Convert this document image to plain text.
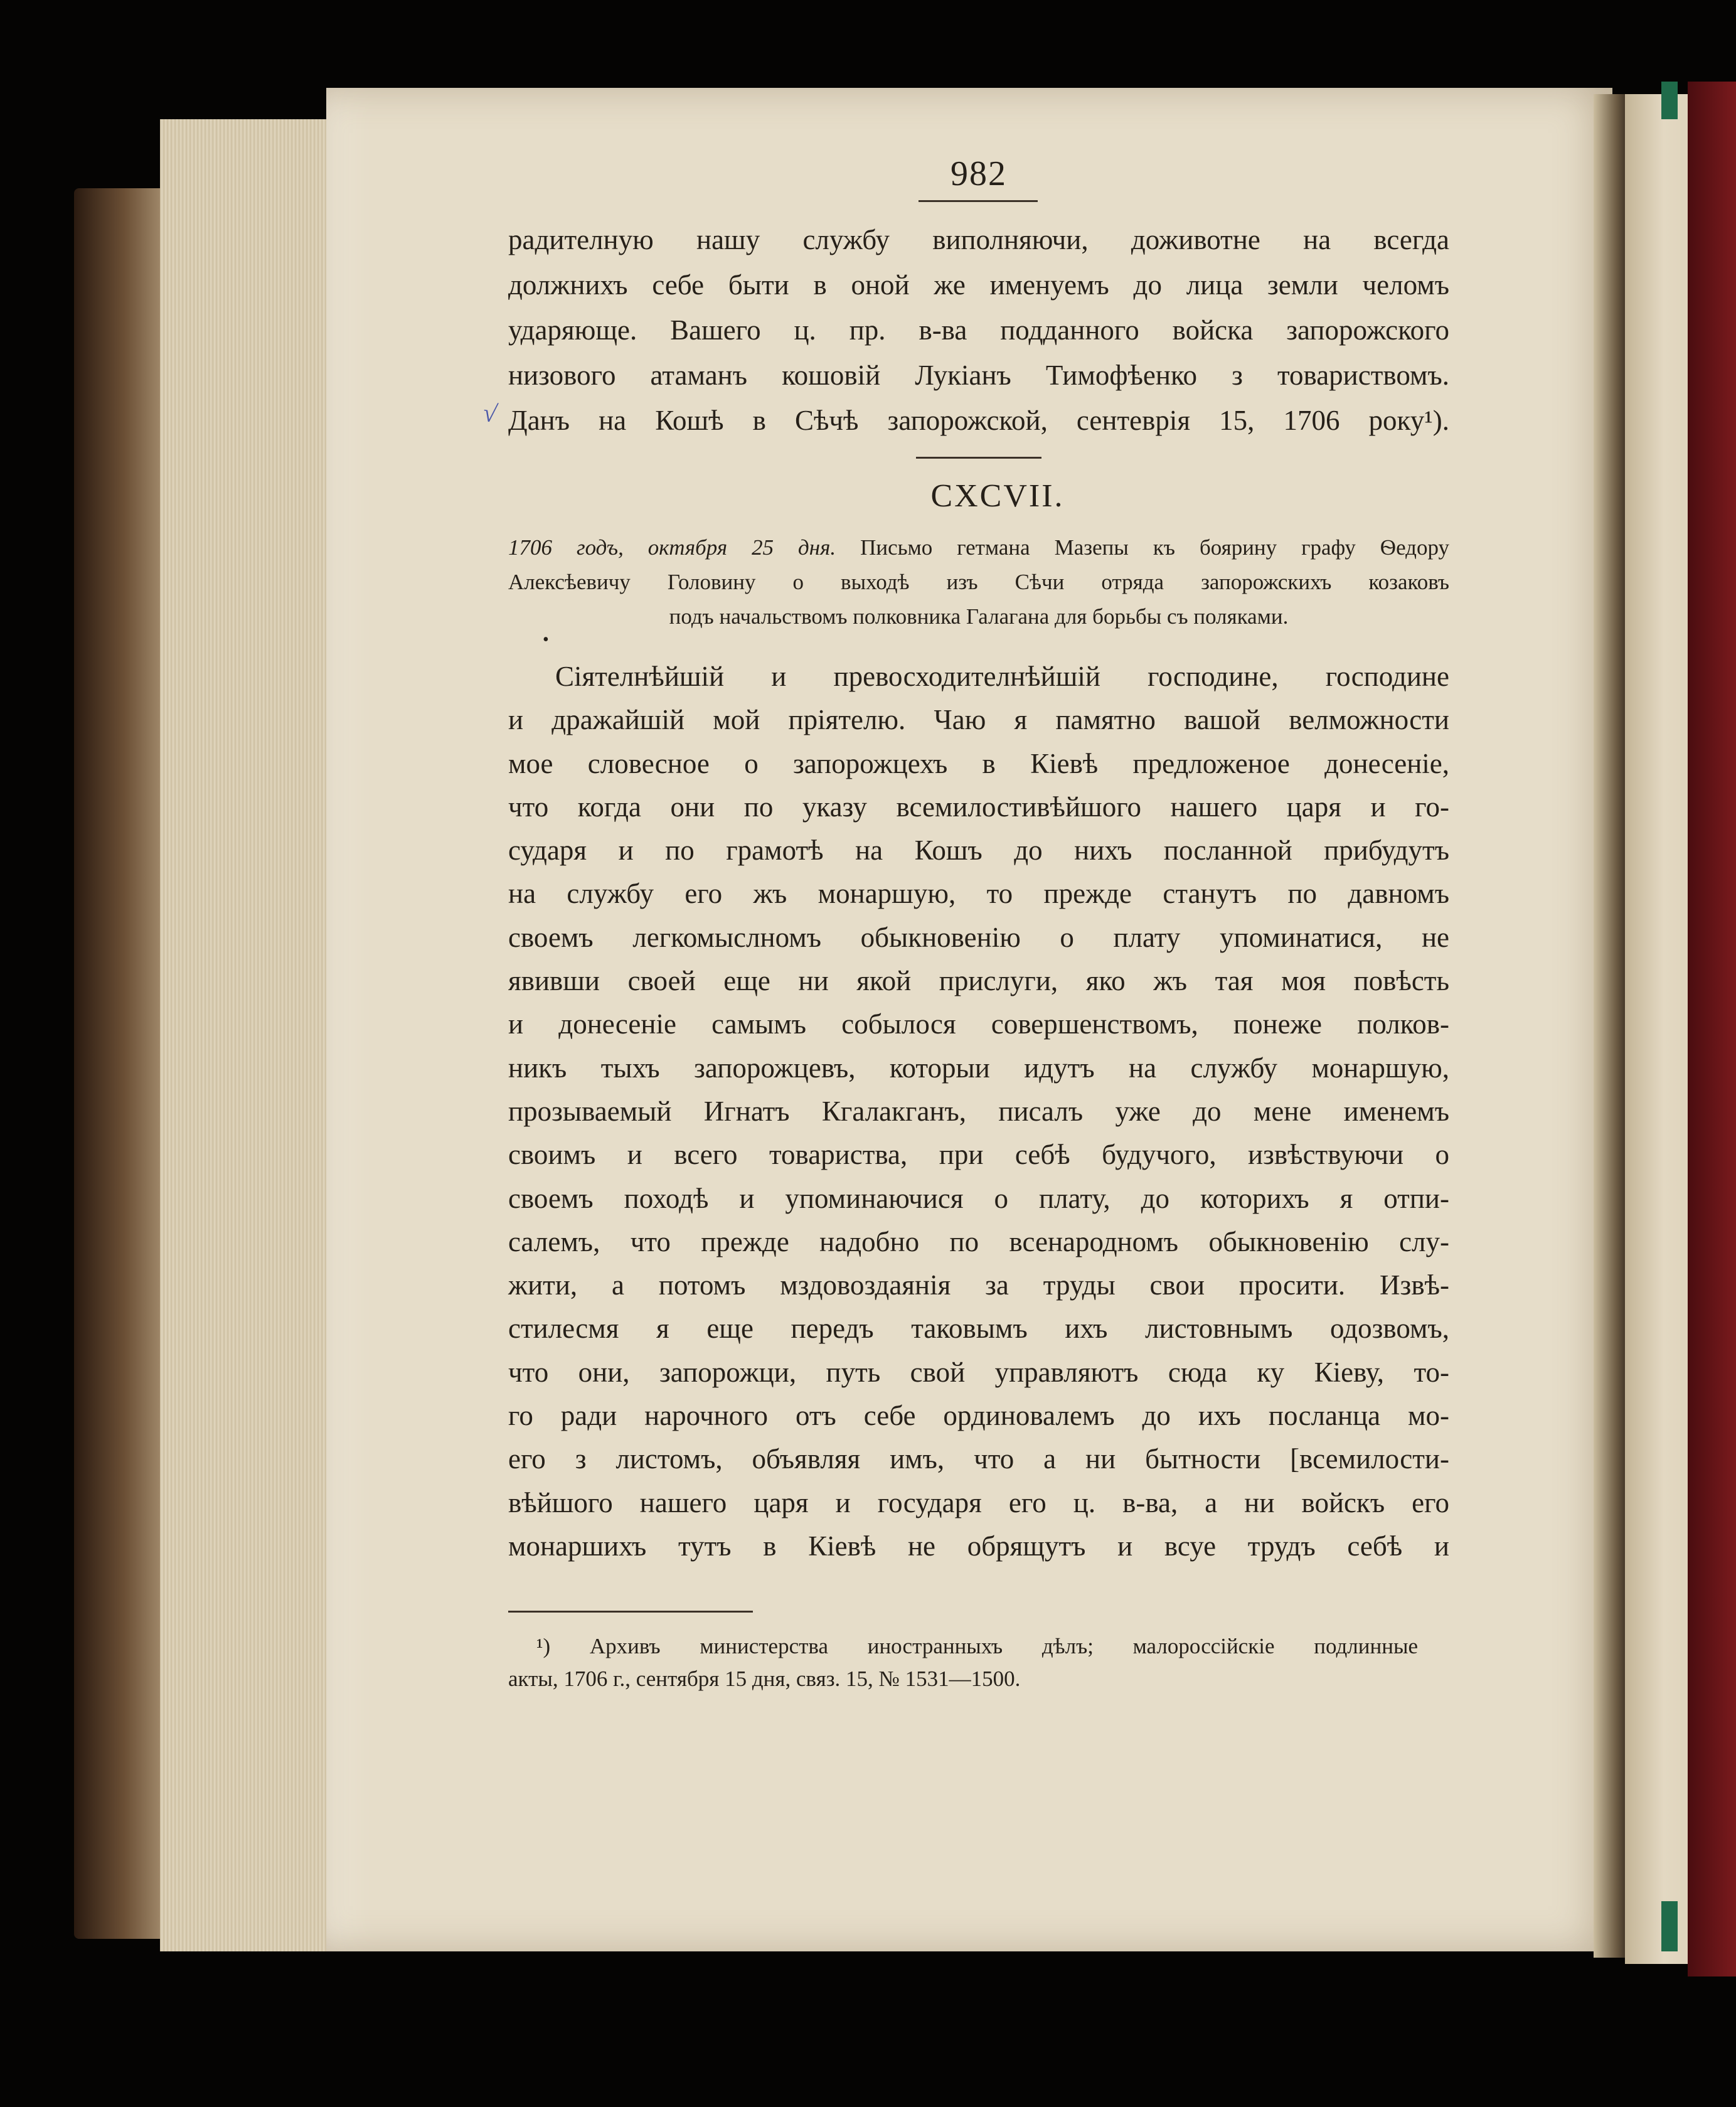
√
982
радителную нашу службу виполняючи, доживотне на всегда
должнихъ себе быти в оной же именуемъ до лица земли челомъ
ударяюще. Вашего ц. пр. в-ва подданного войска запорожского
низового атаманъ кошовій Лукіанъ Тимофѣенко з товариствомъ.
Данъ на Кошѣ в Сѣчѣ запорожской, сентеврія 15, 1706 року¹).
CXCVII.
1706 годъ, октября 25 дня. Письмо гетмана Мазепы къ боярину графу Ѳедору
Алексѣевичу Головину о выходѣ изъ Сѣчи отряда запорожскихъ козаковъ
подъ начальствомъ полковника Галагана для борьбы съ поляками.
•
Сіятелнѣйшій и превосходителнѣйшій господине, господине
и дражайшій мой пріятелю. Чаю я памятно вашой велможности
мое словесное о запорожцехъ в Кіевѣ предложеное донесеніе,
что когда они по указу всемилостивѣйшого нашего царя и го-
сударя и по грамотѣ на Кошъ до нихъ посланной прибудутъ
на службу его жъ монаршую, то прежде станутъ по давномъ
своемъ легкомыслномъ обыкновенію о плату упоминатися, не
явивши своей еще ни якой прислуги, яко жъ тая моя повѣсть
и донесеніе самымъ собылося совершенствомъ, понеже полков-
никъ тыхъ запорожцевъ, которыи идутъ на службу монаршую,
прозываемый Игнатъ Кгалакганъ, писалъ уже до мене именемъ
своимъ и всего товариства, при себѣ будучого, извѣствуючи о
своемъ походѣ и упоминаючися о плату, до которихъ я отпи-
салемъ, что прежде надобно по всенародномъ обыкновенію слу-
жити, а потомъ мздовоздаянія за труды свои просити. Извѣ-
стилесмя я еще передъ таковымъ ихъ листовнымъ одозвомъ,
что они, запорожци, путь свой управляютъ сюда ку Кіеву, то-
го ради нарочного отъ себе ординовалемъ до ихъ посланца мо-
его з листомъ, объявляя имъ, что а ни бытности [всемилости-
вѣйшого нашего царя и государя его ц. в-ва, а ни войскъ его
монаршихъ тутъ в Кіевѣ не обрящутъ и всуе трудъ себѣ и
¹) Архивъ министерства иностранныхъ дѣлъ; малороссійскіе подлинные
акты, 1706 г., сентября 15 дня, связ. 15, № 1531—1500.
